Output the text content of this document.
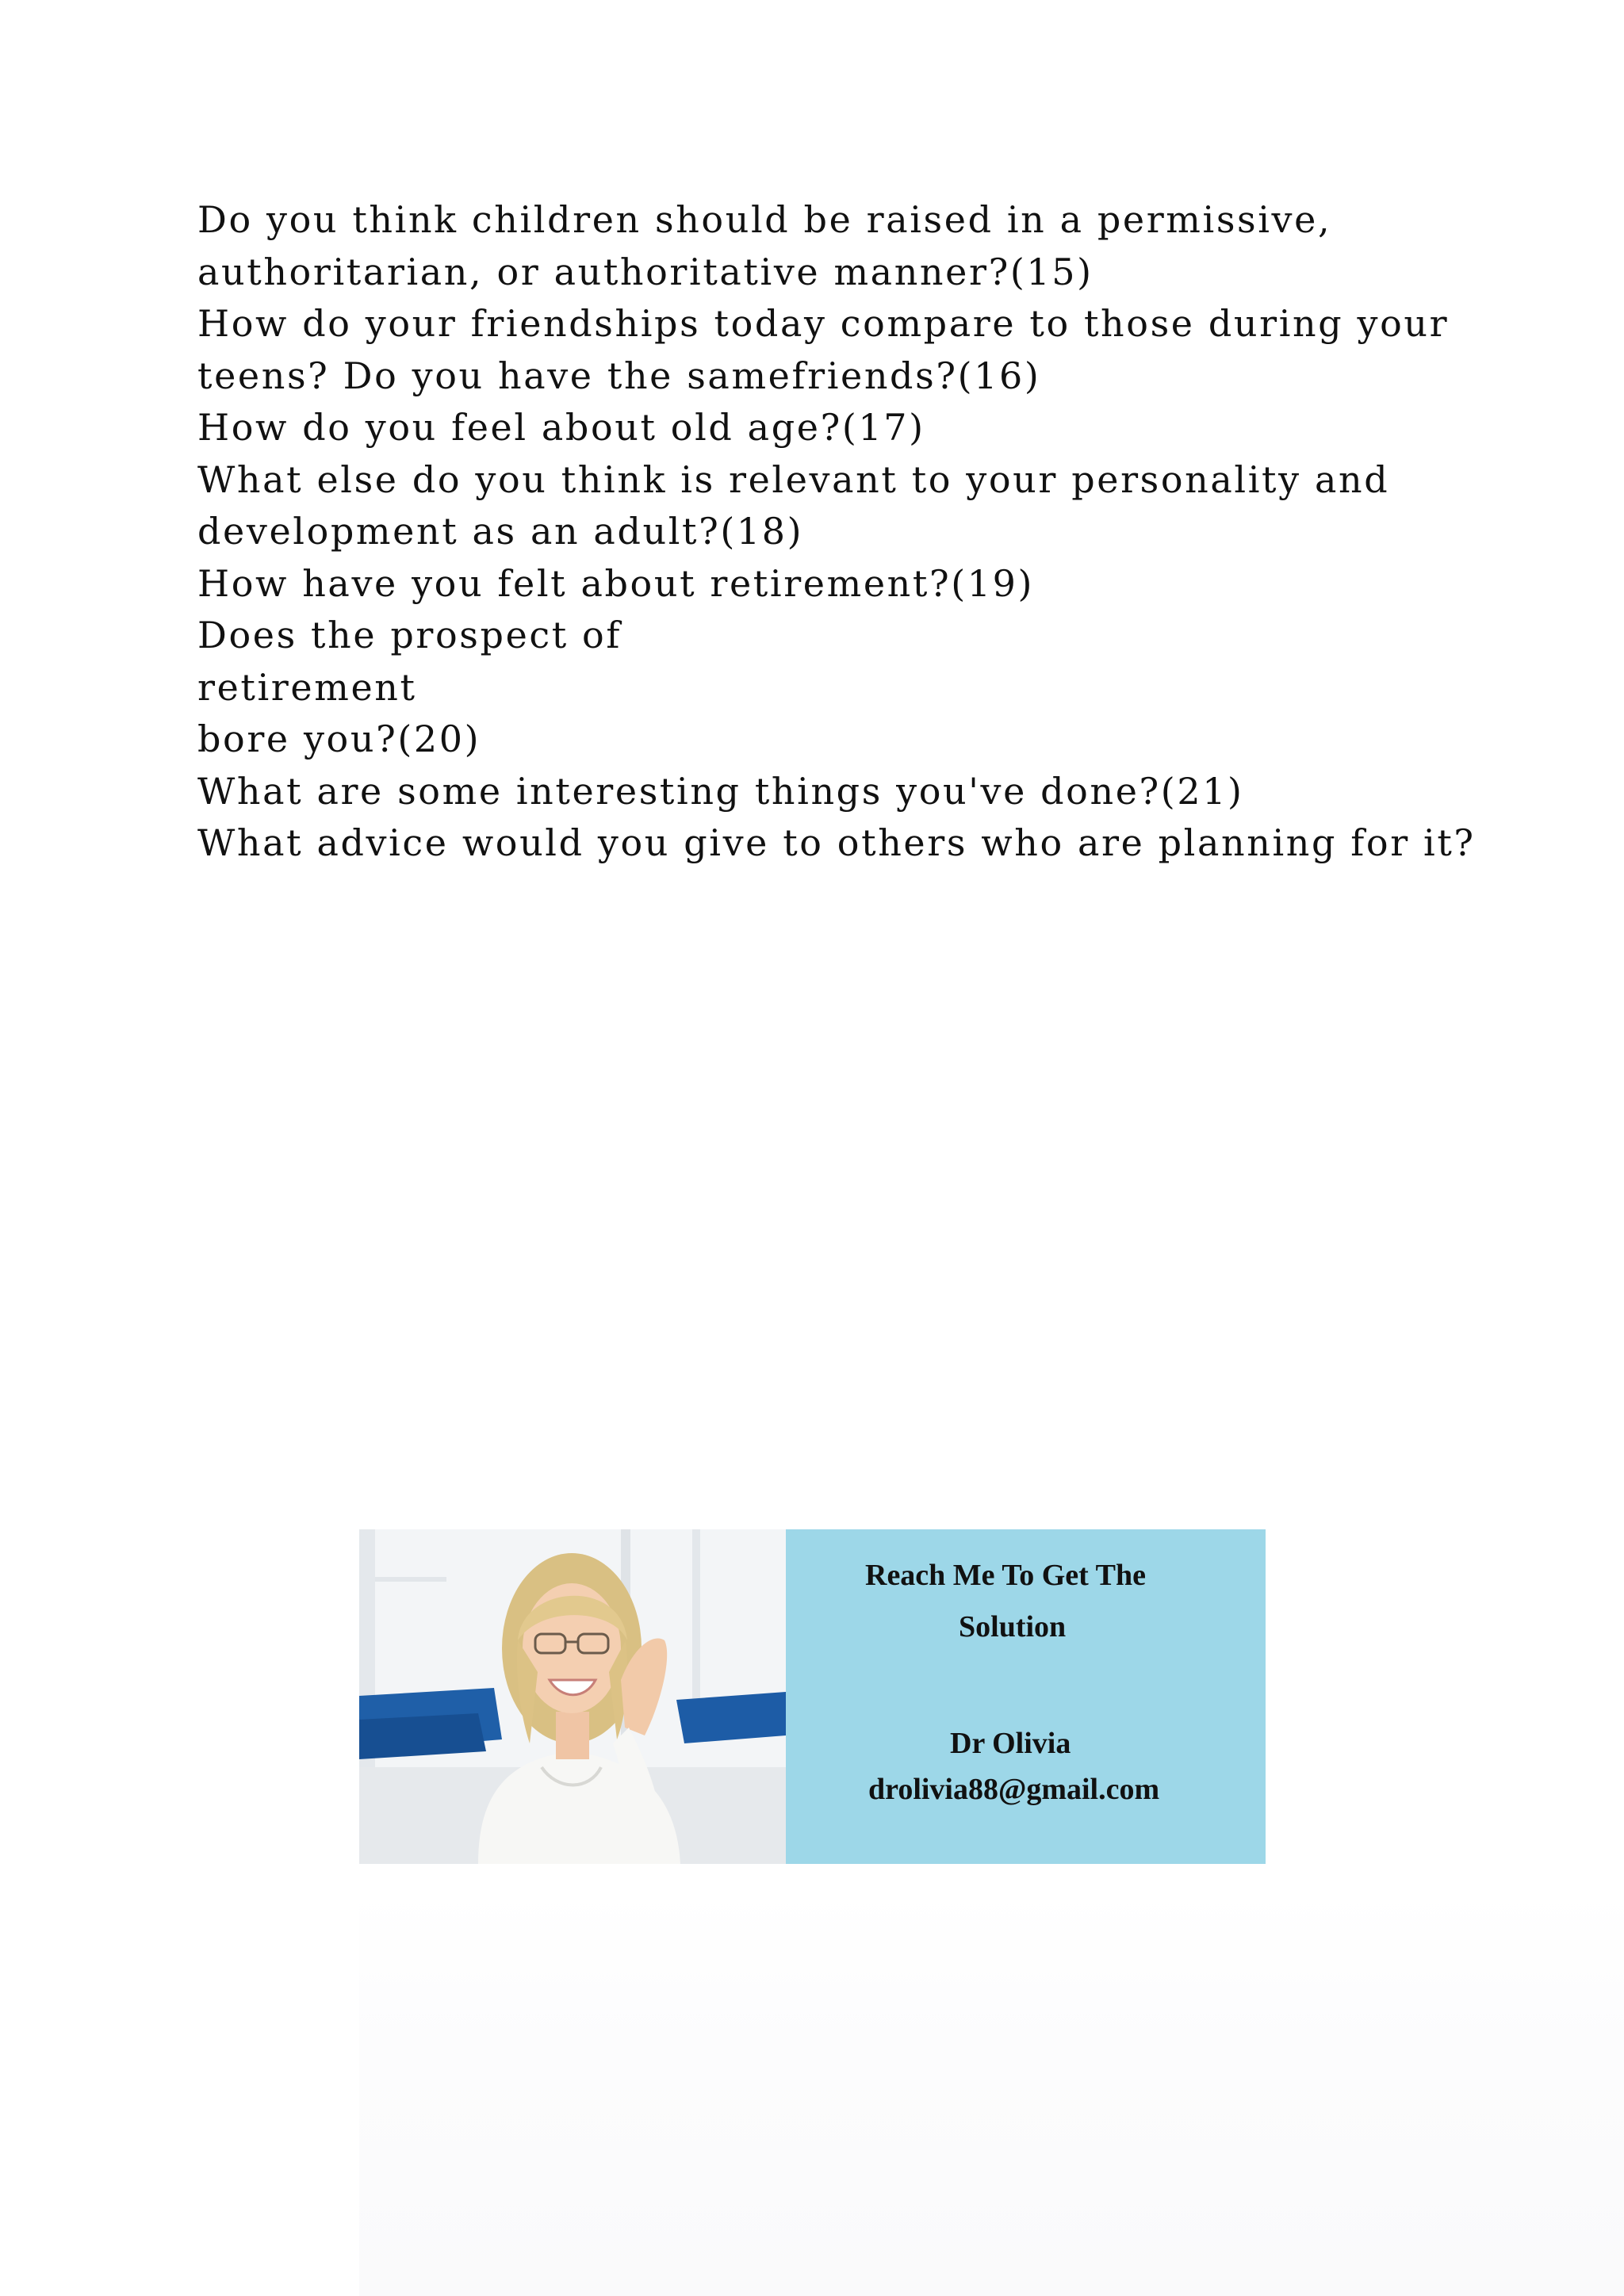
Do you think children should be raised in a permissive,
authoritarian, or authoritative manner?(15)
How do your friendships today compare to those during your
teens? Do you have the samefriends?(16)
How do you feel about old age?(17)
What else do you think is relevant to your personality and
development as an adult?(18)
How have you felt about retirement?(19)
Does the prospect of
retirement
bore you?(20)
What are some interesting things you've done?(21)
What advice would you give to others who are planning for it?
Reach Me To Get The
Solution
Dr Olivia
drolivia88@gmail.com
